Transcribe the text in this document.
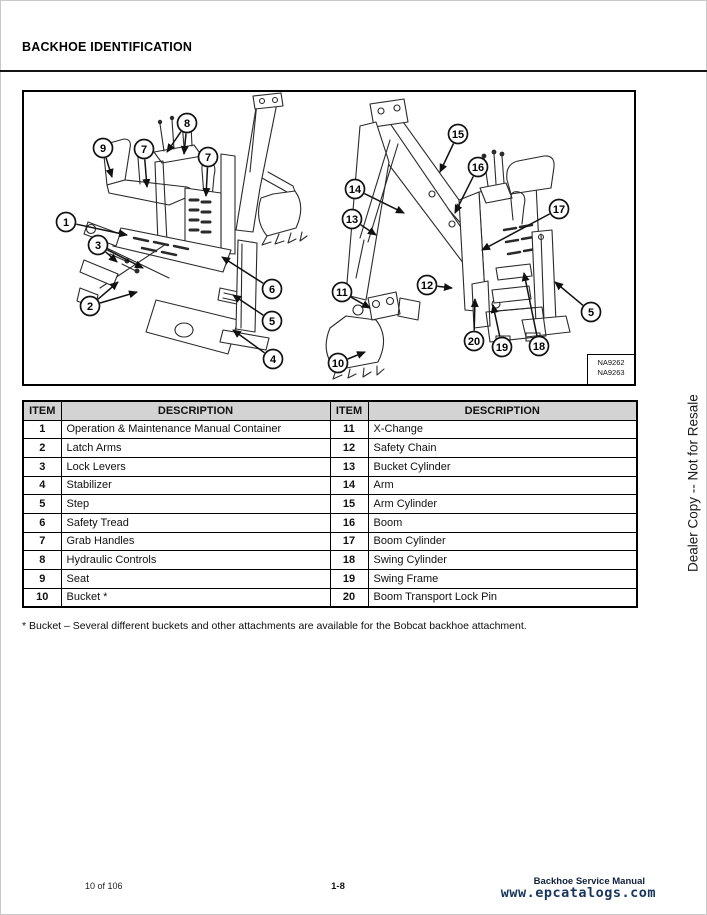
BACKHOE IDENTIFICATION
9	7
8
7
1
3
2
6
5
4
15
16
14
13
17
12
11
5
20 19 18
10	NA9262
NA9263
Dealer Copy -- Not for Resale
ITEM	DESCRIPTION	ITEM	DESCRIPTION
1	Operation & Maintenance Manual Container	11	X-Change
2	Latch Arms	12	Safety Chain
3	Lock Levers	13	Bucket Cylinder
4	Stabilizer	14	Arm
5	Step	15	Arm Cylinder
6	Safety Tread	16	Boom
7	Grab Handles	17	Boom Cylinder
8	Hydraulic Controls	18	Swing Cylinder
9	Seat	19	Swing Frame
10	Bucket *	20	Boom Transport Lock Pin
* Bucket – Several different buckets and other attachments are available for the Bobcat backhoe attachment.
10 of 106	1-8	Backhoe Service Manual
www.epcatalogs.com
